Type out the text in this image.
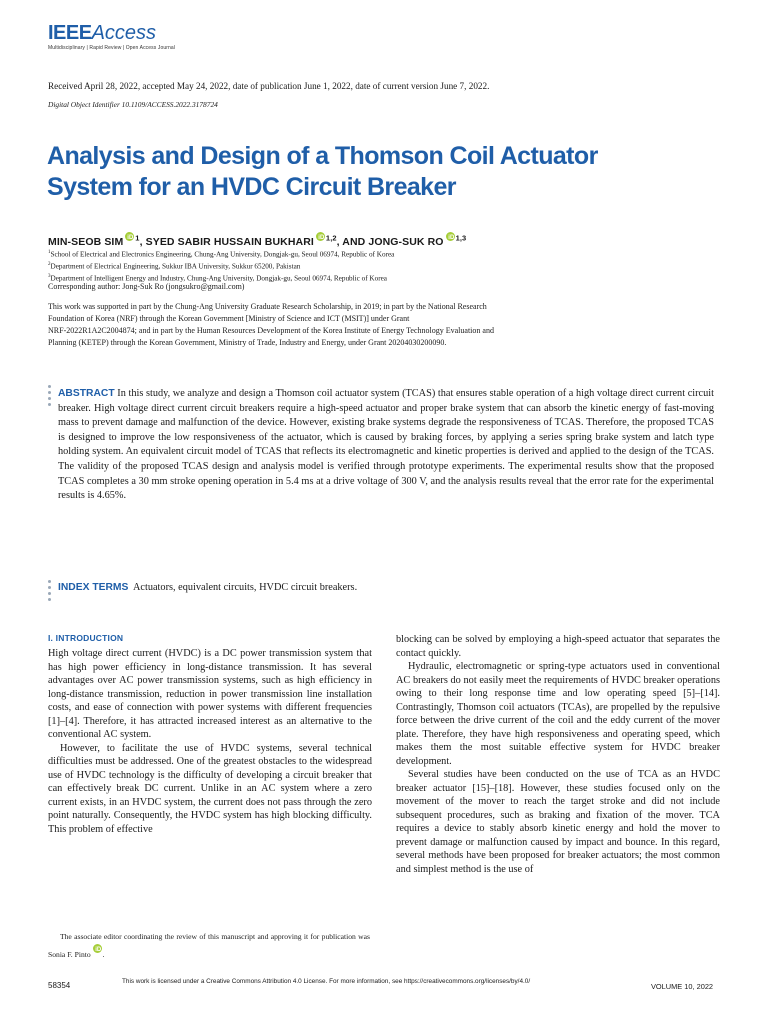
IEEEAccess
Multidisciplinary | Rapid Review | Open Access Journal
Received April 28, 2022, accepted May 24, 2022, date of publication June 1, 2022, date of current version June 7, 2022.
Digital Object Identifier 10.1109/ACCESS.2022.3178724
Analysis and Design of a Thomson Coil Actuator
System for an HVDC Circuit Breaker
MIN-SEOB SIM iD $^1$, SYED SABIR HUSSAIN BUKHARI iD $^{1,2}$, AND JONG-SUK RO iD $^{1,3}$
$^1$School of Electrical and Electronics Engineering, Chung-Ang University, Dongjak-gu, Seoul 06974, Republic of Korea
$^2$Department of Electrical Engineering, Sukkur IBA University, Sukkur 65200, Pakistan
$^3$Department of Intelligent Energy and Industry, Chung-Ang University, Dongjak-gu, Seoul 06974, Republic of Korea
Corresponding author: Jong-Suk Ro (jongsukro@gmail.com)
This work was supported in part by the Chung-Ang University Graduate Research Scholarship, in 2019; in part by the National Research
Foundation of Korea (NRF) through the Korean Government [Ministry of Science and ICT (MSIT)] under Grant
NRF-2022R1A2C2004874; and in part by the Human Resources Development of the Korea Institute of Energy Technology Evaluation and
Planning (KETEP) through the Korean Government, Ministry of Trade, Industry and Energy, under Grant 20204030200090.
ABSTRACT In this study, we analyze and design a Thomson coil actuator system (TCAS) that ensures stable operation of a high voltage direct current circuit breaker. High voltage direct current circuit breakers require a high-speed actuator and proper brake system that can absorb the kinetic energy of fast-moving mass to prevent damage and malfunction of the device. However, existing brake systems degrade the responsiveness of TCAS. Therefore, the proposed TCAS is designed to improve the low responsiveness of the actuator, which is caused by braking forces, by applying a series spring brake system and latch type holding system. An equivalent circuit model of TCAS that reflects its electromagnetic and kinetic properties is derived and applied to the design of the TCAS. The validity of the proposed TCAS design and analysis model is verified through prototype experiments. The experimental results show that the proposed TCAS completes a 30 mm stroke opening operation in 5.4 ms at a drive voltage of 300 V, and the analysis results reveal that the error rate for the experimental results is 4.65%.
INDEX TERMS Actuators, equivalent circuits, HVDC circuit breakers.
I. INTRODUCTION

High voltage direct current (HVDC) is a DC power transmission system that has high power efficiency in long-distance transmission. It has several advantages over AC power transmission systems, such as high efficiency in long-distance transmission, reduction in power transmission line installation costs, and ease of connection with power systems with different frequencies [1]–[4]. Therefore, it has attracted increased interest as an alternative to the conventional AC system.

However, to facilitate the use of HVDC systems, several technical difficulties must be addressed. One of the greatest obstacles to the widespread use of HVDC technology is the difficulty of developing a circuit breaker that can effectively break DC current. Unlike in an AC system where a zero current exists, in an HVDC system, the current does not pass through the zero point naturally. Consequently, the HVDC system has high blocking difficulty. This problem of effective

The associate editor coordinating the review of this manuscript and approving it for publication was Sonia F. Pinto iD .

blocking can be solved by employing a high-speed actuator that separates the contact quickly.

Hydraulic, electromagnetic or spring-type actuators used in conventional AC breakers do not easily meet the requirements of HVDC breaker operations owing to their long response time and low operating speed [5]–[14]. Contrastingly, Thomson coil actuators (TCAs), are propelled by the repulsive force between the drive current of the coil and the eddy current of the mover plate. Therefore, they have high responsiveness and operating speed, which makes them the most suitable effective system for HVDC breaker development.

Several studies have been conducted on the use of TCA as an HVDC breaker actuator [15]–[18]. However, these studies focused only on the movement of the mover to reach the target stroke and did not include subsequent procedures, such as braking and fixation of the mover. TCA requires a device to stably absorb kinetic energy and hold the mover to prevent damage or malfunction caused by impact and bounce. In this regard, several methods have been proposed for breaker actuators; the most common and simplest method is the use of

58354	This work is licensed under a Creative Commons Attribution 4.0 License. For more information, see https://creativecommons.org/licenses/by/4.0/
VOLUME 10, 2022
